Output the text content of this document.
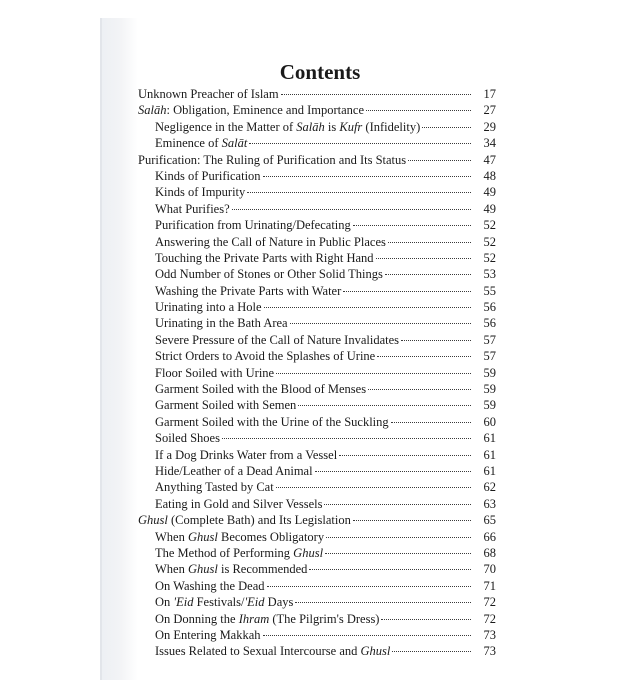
Contents
Unknown Preacher of Islam	17
Salāh: Obligation, Eminence and Importance	27
Negligence in the Matter of Salāh is Kufr (Infidelity)	29
Eminence of Salāt	34
Purification: The Ruling of Purification and Its Status	47
Kinds of Purification	48
Kinds of Impurity	49
What Purifies?	49
Purification from Urinating/Defecating	52
Answering the Call of Nature in Public Places	52
Touching the Private Parts with Right Hand	52
Odd Number of Stones or Other Solid Things	53
Washing the Private Parts with Water	55
Urinating into a Hole	56
Urinating in the Bath Area	56
Severe Pressure of the Call of Nature Invalidates	57
Strict Orders to Avoid the Splashes of Urine	57
Floor Soiled with Urine	59
Garment Soiled with the Blood of Menses	59
Garment Soiled with Semen	59
Garment Soiled with the Urine of the Suckling	60
Soiled Shoes	61
If a Dog Drinks Water from a Vessel	61
Hide/Leather of a Dead Animal	61
Anything Tasted by Cat	62
Eating in Gold and Silver Vessels	63
Ghusl (Complete Bath) and Its Legislation	65
When Ghusl Becomes Obligatory	66
The Method of Performing Ghusl	68
When Ghusl is Recommended	70
On Washing the Dead	71
On 'Eid Festivals/'Eid Days	72
On Donning the Ihram (The Pilgrim's Dress)	72
On Entering Makkah	73
Issues Related to Sexual Intercourse and Ghusl	73
